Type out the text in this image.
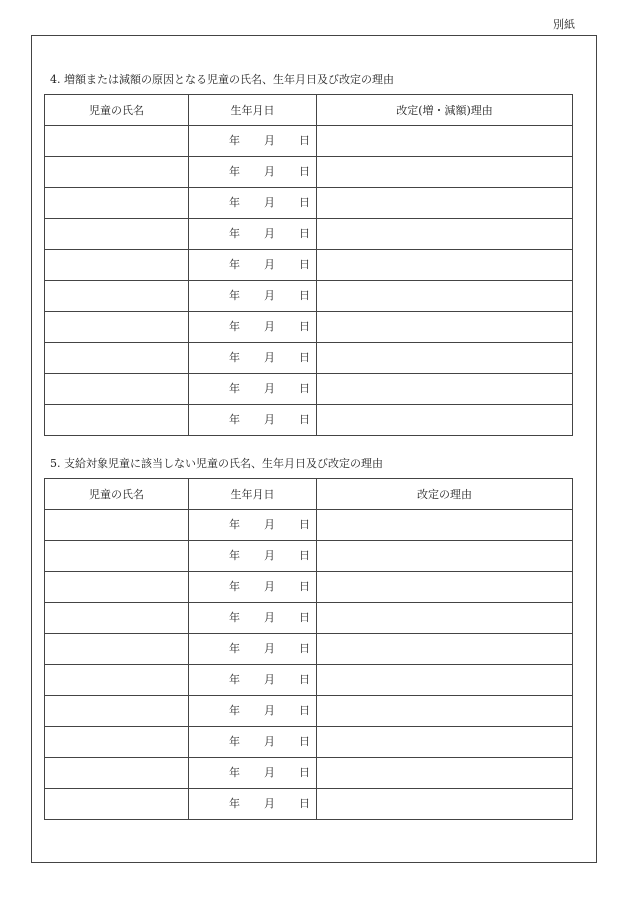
別紙
4. 増額または減額の原因となる児童の氏名、生年月日及び改定の理由
児童の氏名	生年月日	改定(増・減額)理由

	年 月 日	

	年 月 日	

	年 月 日	

	年 月 日	

	年 月 日	

	年 月 日	

	年 月 日	

	年 月 日	

	年 月 日	

	年 月 日	

5. 支給対象児童に該当しない児童の氏名、生年月日及び改定の理由
児童の氏名	生年月日	改定の理由

	年 月 日	

	年 月 日	

	年 月 日	

	年 月 日	

	年 月 日	

	年 月 日	

	年 月 日	

	年 月 日	

	年 月 日	

	年 月 日	
